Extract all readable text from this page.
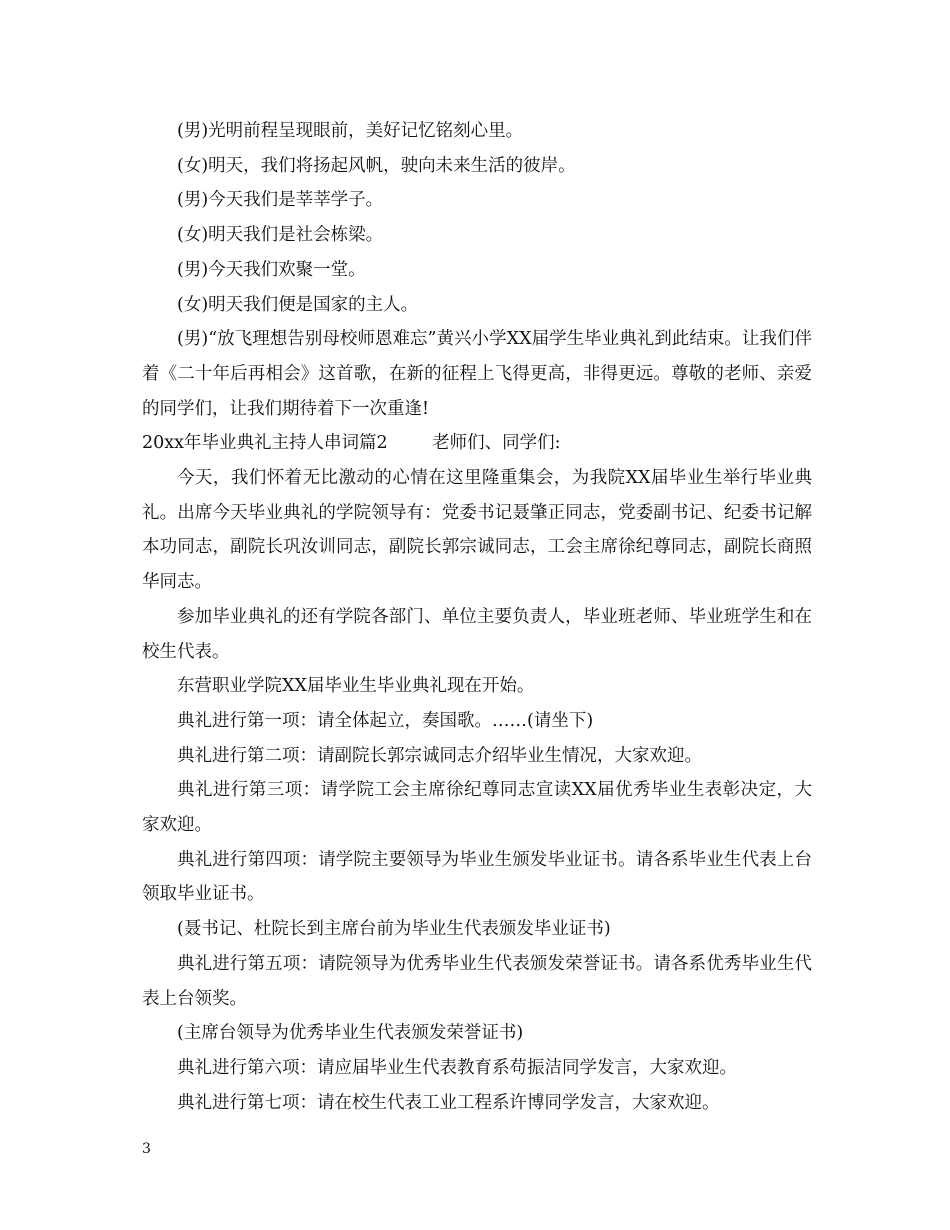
(男)光明前程呈现眼前，美好记忆铭刻心里。

(女)明天，我们将扬起风帆，驶向未来生活的彼岸。

(男)今天我们是莘莘学子。

(女)明天我们是社会栋梁。

(男)今天我们欢聚一堂。

(女)明天我们便是国家的主人。

(男)“放飞理想告别母校师恩难忘”黄兴小学XX届学生毕业典礼到此结束。让我们伴着《二十年后再相会》这首歌，在新的征程上飞得更高，非得更远。尊敬的老师、亲爱的同学们，让我们期待着下一次重逢!

20xx年毕业典礼主持人串词篇2        老师们、同学们:

今天，我们怀着无比激动的心情在这里隆重集会，为我院XX届毕业生举行毕业典礼。出席今天毕业典礼的学院领导有：党委书记聂肇正同志，党委副书记、纪委书记解本功同志，副院长巩汝训同志，副院长郭宗诚同志，工会主席徐纪尊同志，副院长商照华同志。

参加毕业典礼的还有学院各部门、单位主要负责人，毕业班老师、毕业班学生和在校生代表。

东营职业学院XX届毕业生毕业典礼现在开始。

典礼进行第一项：请全体起立，奏国歌。……(请坐下)

典礼进行第二项：请副院长郭宗诚同志介绍毕业生情况，大家欢迎。

典礼进行第三项：请学院工会主席徐纪尊同志宣读XX届优秀毕业生表彰决定，大家欢迎。

典礼进行第四项：请学院主要领导为毕业生颁发毕业证书。请各系毕业生代表上台领取毕业证书。

(聂书记、杜院长到主席台前为毕业生代表颁发毕业证书)

典礼进行第五项：请院领导为优秀毕业生代表颁发荣誉证书。请各系优秀毕业生代表上台领奖。

(主席台领导为优秀毕业生代表颁发荣誉证书)

典礼进行第六项：请应届毕业生代表教育系苟振洁同学发言，大家欢迎。

典礼进行第七项：请在校生代表工业工程系许博同学发言，大家欢迎。

3
